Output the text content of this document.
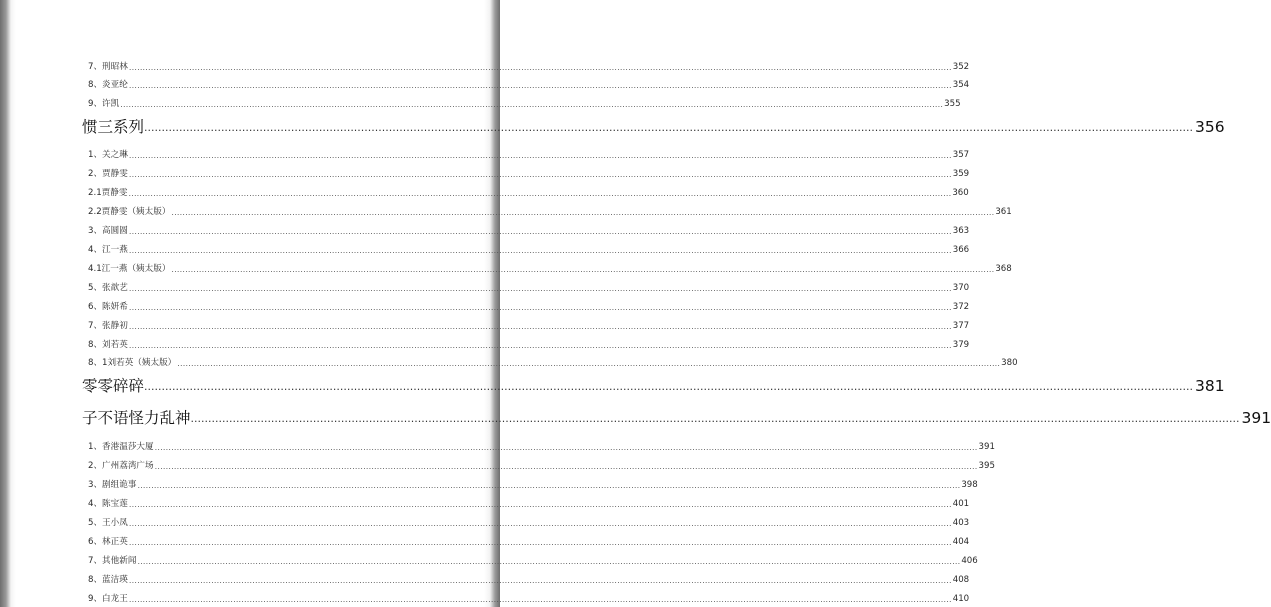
7、刑昭林 ............................................................................................................................................................................................................................................................................................................ 352
8、炎亚纶 ............................................................................................................................................................................................................................................................................................................ 354
9、许凯 ............................................................................................................................................................................................................................................................................................................ 355
惯三系列 ............................................................................................................................................................................................................................................................................................................ 356
1、关之琳 ............................................................................................................................................................................................................................................................................................................ 357
2、贾静雯 ............................................................................................................................................................................................................................................................................................................ 359
2.1贾静雯 ............................................................................................................................................................................................................................................................................................................ 360
2.2贾静雯（姨太版） ............................................................................................................................................................................................................................................................................................................ 361
3、高圆圆 ............................................................................................................................................................................................................................................................................................................ 363
4、江一燕 ............................................................................................................................................................................................................................................................................................................ 366
4.1江一燕（姨太版） ............................................................................................................................................................................................................................................................................................................ 368
5、张歆艺 ............................................................................................................................................................................................................................................................................................................ 370
6、陈妍希 ............................................................................................................................................................................................................................................................................................................ 372
7、张静初 ............................................................................................................................................................................................................................................................................................................ 377
8、刘若英 ............................................................................................................................................................................................................................................................................................................ 379
8、1刘若英（姨太版） ............................................................................................................................................................................................................................................................................................................ 380
零零碎碎 ............................................................................................................................................................................................................................................................................................................ 381
子不语怪力乱神 ............................................................................................................................................................................................................................................................................................................ 391
1、香港温莎大厦 ............................................................................................................................................................................................................................................................................................................ 391
2、广州荔湾广场 ............................................................................................................................................................................................................................................................................................................ 395
3、剧组诡事 ............................................................................................................................................................................................................................................................................................................ 398
4、陈宝莲 ............................................................................................................................................................................................................................................................................................................ 401
5、王小凤 ............................................................................................................................................................................................................................................................................................................ 403
6、林正英 ............................................................................................................................................................................................................................................................................................................ 404
7、其他新闻 ............................................................................................................................................................................................................................................................................................................ 406
8、蓝洁瑛 ............................................................................................................................................................................................................................................................................................................ 408
9、白龙王 ............................................................................................................................................................................................................................................................................................................ 410
